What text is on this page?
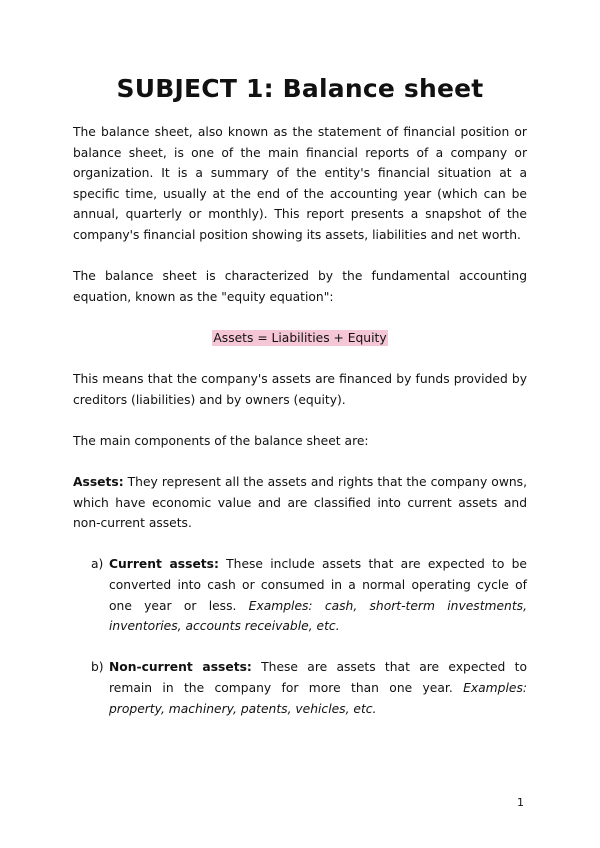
SUBJECT 1: Balance sheet

The balance sheet, also known as the statement of financial position or balance sheet, is one of the main financial reports of a company or organization. It is a summary of the entity's financial situation at a specific time, usually at the end of the accounting year (which can be annual, quarterly or monthly). This report presents a snapshot of the company's financial position showing its assets, liabilities and net worth.

The balance sheet is characterized by the fundamental accounting equation, known as the "equity equation":

Assets = Liabilities + Equity

This means that the company's assets are financed by funds provided by creditors (liabilities) and by owners (equity).

The main components of the balance sheet are:

Assets: They represent all the assets and rights that the company owns, which have economic value and are classified into current assets and non-current assets.

a) Current assets: These include assets that are expected to be converted into cash or consumed in a normal operating cycle of one year or less. Examples: cash, short-term investments, inventories, accounts receivable, etc.
b) Non-current assets: These are assets that are expected to remain in the company for more than one year. Examples: property, machinery, patents, vehicles, etc.
1
